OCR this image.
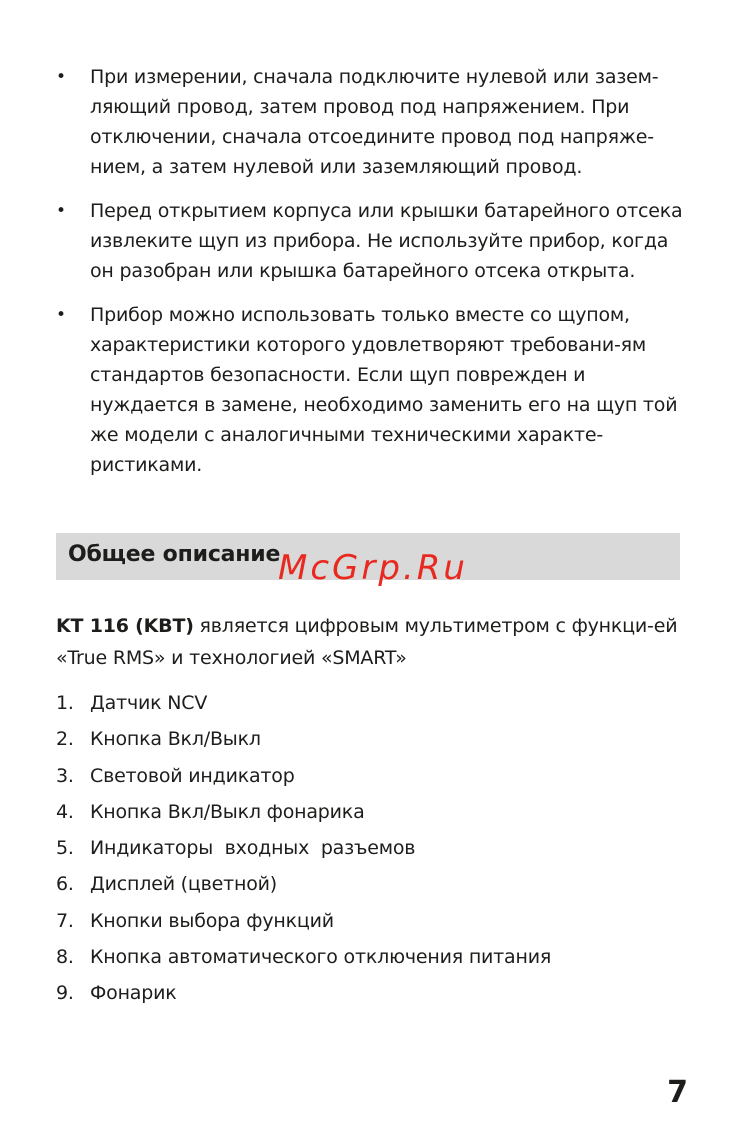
•	При измерении, сначала подключите нулевой или зазем-ляющий провод, затем провод под напряжением. При отключении, сначала отсоедините провод под напряже-нием, а затем нулевой или заземляющий провод.
•	Перед открытием корпуса или крышки батарейного отсека извлеките щуп из прибора. Не используйте прибор, когда он разобран или крышка батарейного отсека открыта.
•	Прибор можно использовать только вместе со щупом, характеристики которого удовлетворяют требовани-ям стандартов безопасности. Если щуп поврежден и нуждается в замене, необходимо заменить его на щуп той же модели с аналогичными техническими характе-ристиками.
Общее описание
McGrp.Ru
KT 116 (KBT) является цифровым мультиметром с функци-ей «True RMS» и технологией «SMART»
1. Датчик NCV
2. Кнопка Вкл/Выкл
3. Световой индикатор
4. Кнопка Вкл/Выкл фонарика
5. Индикаторы  входных  разъемов
6. Дисплей (цветной)
7. Кнопки выбора функций
8. Кнопка автоматического отключения питания
9. Фонарик
7
